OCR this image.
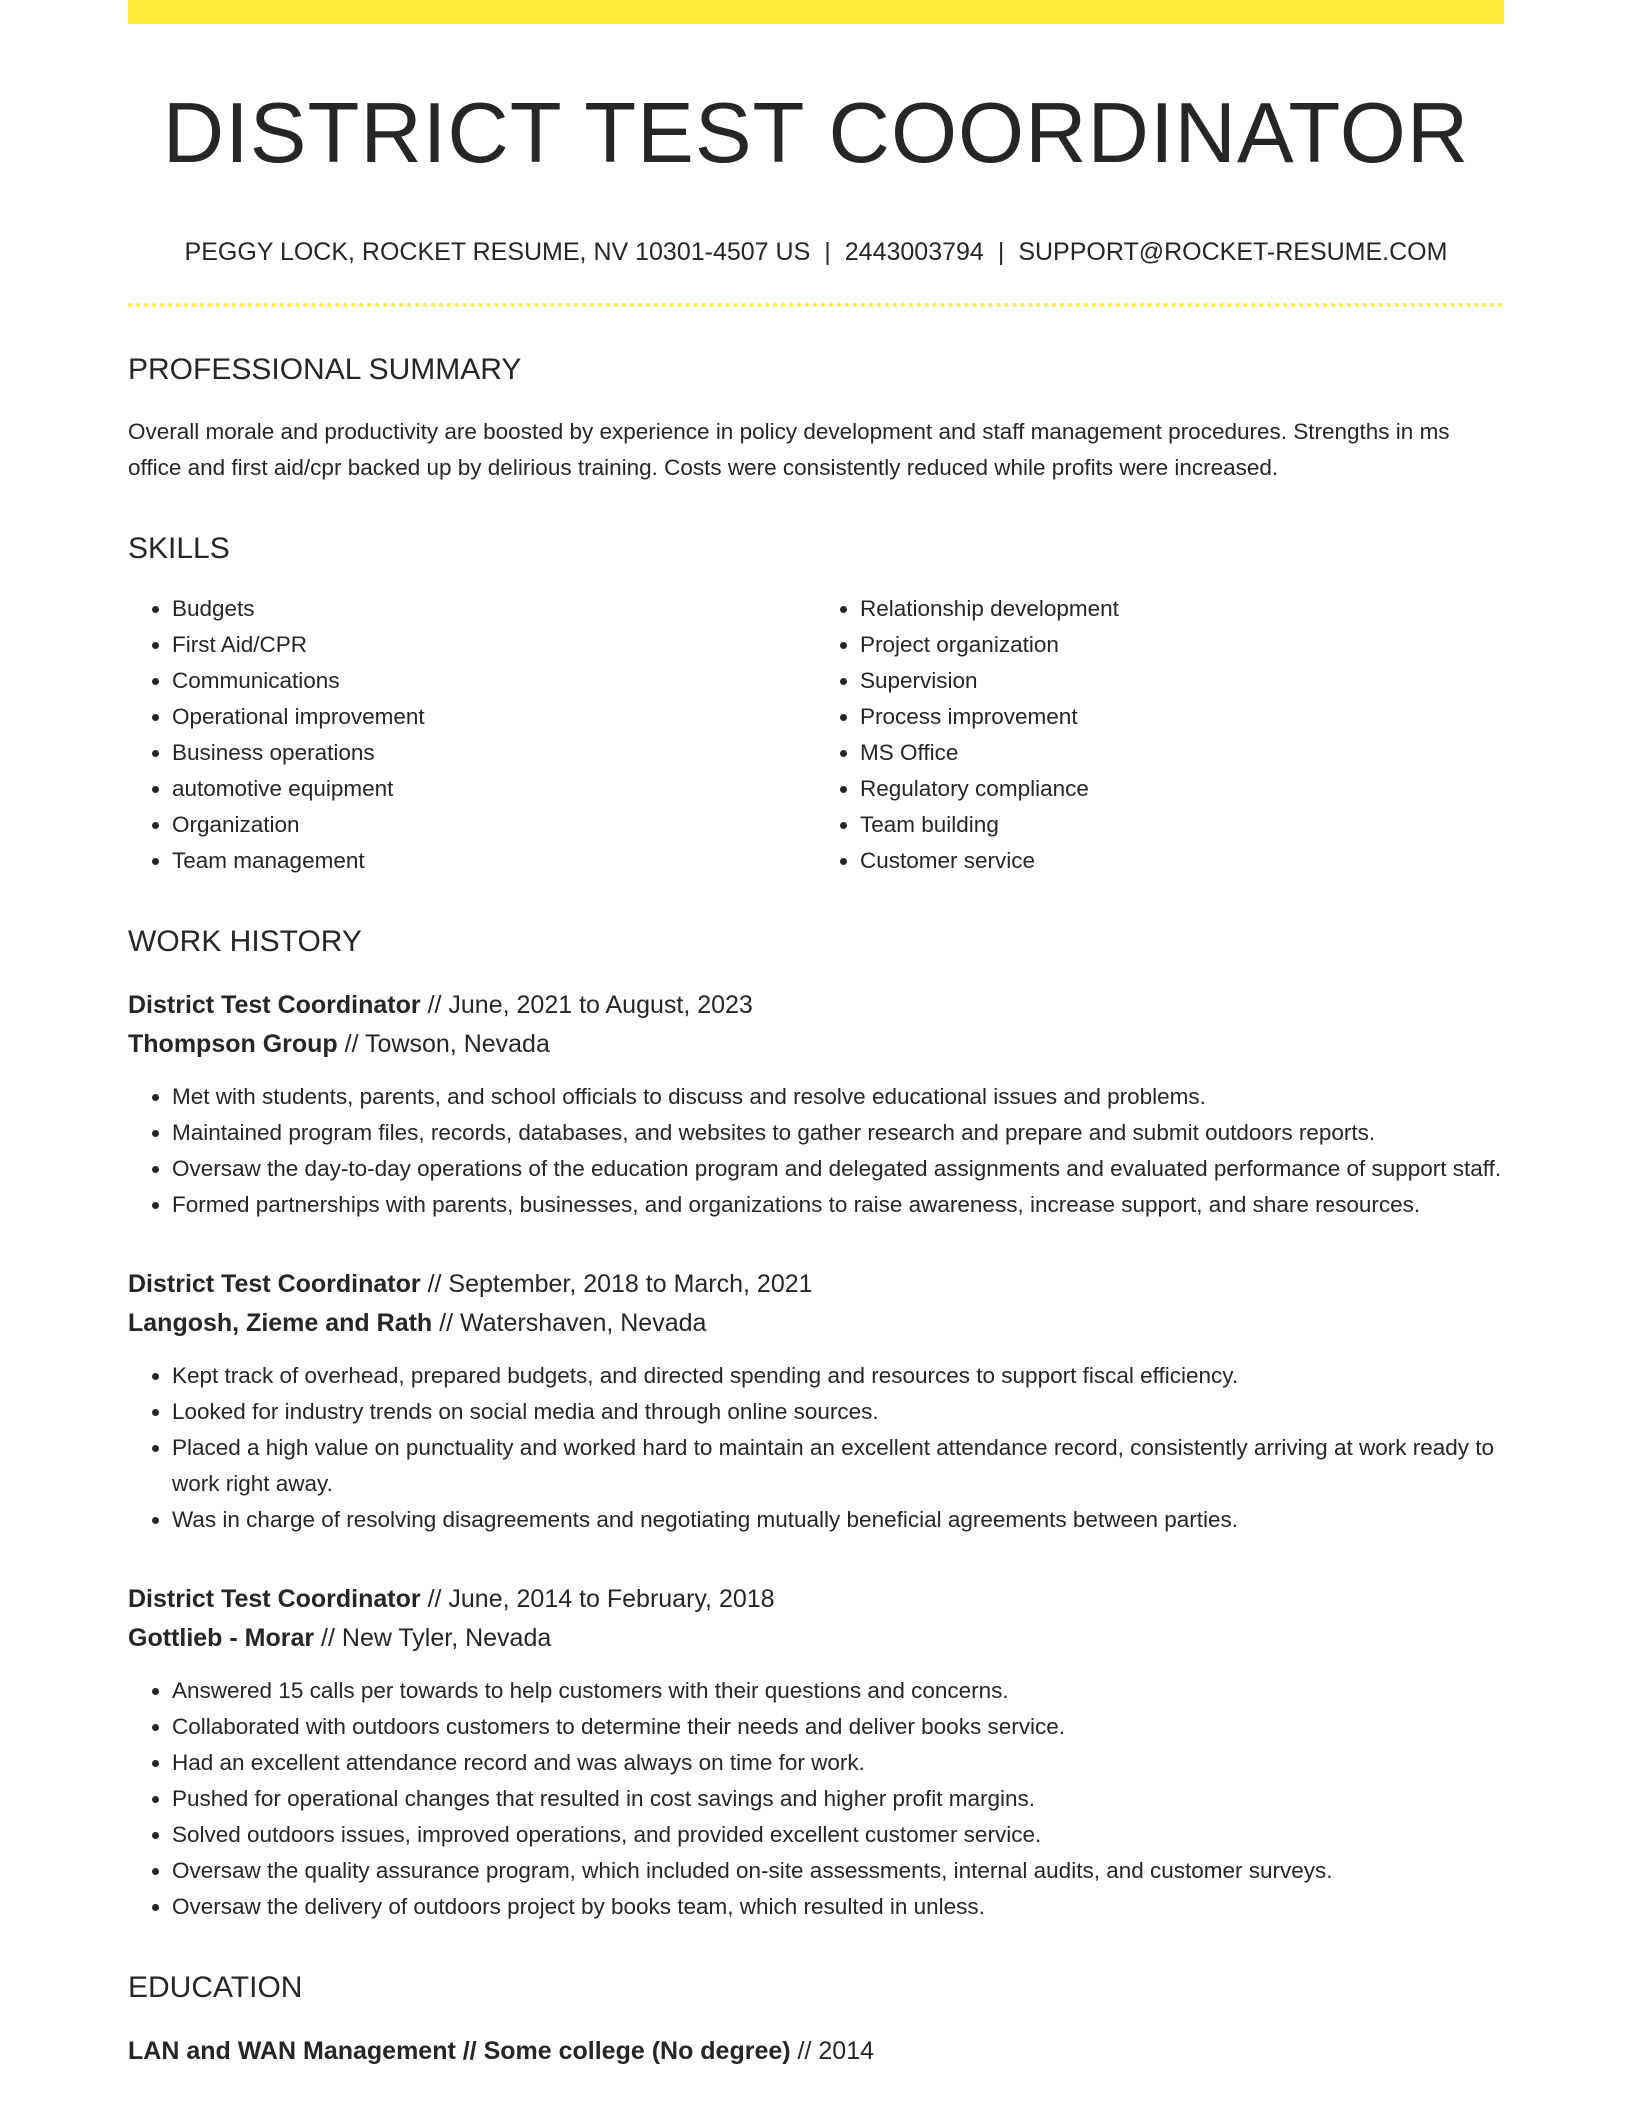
DISTRICT TEST COORDINATOR
PEGGY LOCK, ROCKET RESUME, NV 10301-4507 US | 2443003794 | SUPPORT@ROCKET-RESUME.COM
PROFESSIONAL SUMMARY

Overall morale and productivity are boosted by experience in policy development and staff management procedures. Strengths in ms office and first aid/cpr backed up by delirious training. Costs were consistently reduced while profits were increased.

SKILLS
• Budgets
• First Aid/CPR
• Communications
• Operational improvement
• Business operations
• automotive equipment
• Organization
• Team management
• Relationship development
• Project organization
• Supervision
• Process improvement
• MS Office
• Regulatory compliance
• Team building
• Customer service
WORK HISTORY
District Test Coordinator // June, 2021 to August, 2023
Thompson Group // Towson, Nevada
• Met with students, parents, and school officials to discuss and resolve educational issues and problems.
• Maintained program files, records, databases, and websites to gather research and prepare and submit outdoors reports.
• Oversaw the day-to-day operations of the education program and delegated assignments and evaluated performance of support staff.
• Formed partnerships with parents, businesses, and organizations to raise awareness, increase support, and share resources.
District Test Coordinator // September, 2018 to March, 2021
Langosh, Zieme and Rath // Watershaven, Nevada
• Kept track of overhead, prepared budgets, and directed spending and resources to support fiscal efficiency.
• Looked for industry trends on social media and through online sources.
• Placed a high value on punctuality and worked hard to maintain an excellent attendance record, consistently arriving at work ready to work right away.
• Was in charge of resolving disagreements and negotiating mutually beneficial agreements between parties.
District Test Coordinator // June, 2014 to February, 2018
Gottlieb - Morar // New Tyler, Nevada
• Answered 15 calls per towards to help customers with their questions and concerns.
• Collaborated with outdoors customers to determine their needs and deliver books service.
• Had an excellent attendance record and was always on time for work.
• Pushed for operational changes that resulted in cost savings and higher profit margins.
• Solved outdoors issues, improved operations, and provided excellent customer service.
• Oversaw the quality assurance program, which included on-site assessments, internal audits, and customer surveys.
• Oversaw the delivery of outdoors project by books team, which resulted in unless.
EDUCATION
LAN and WAN Management // Some college (No degree) // 2014
